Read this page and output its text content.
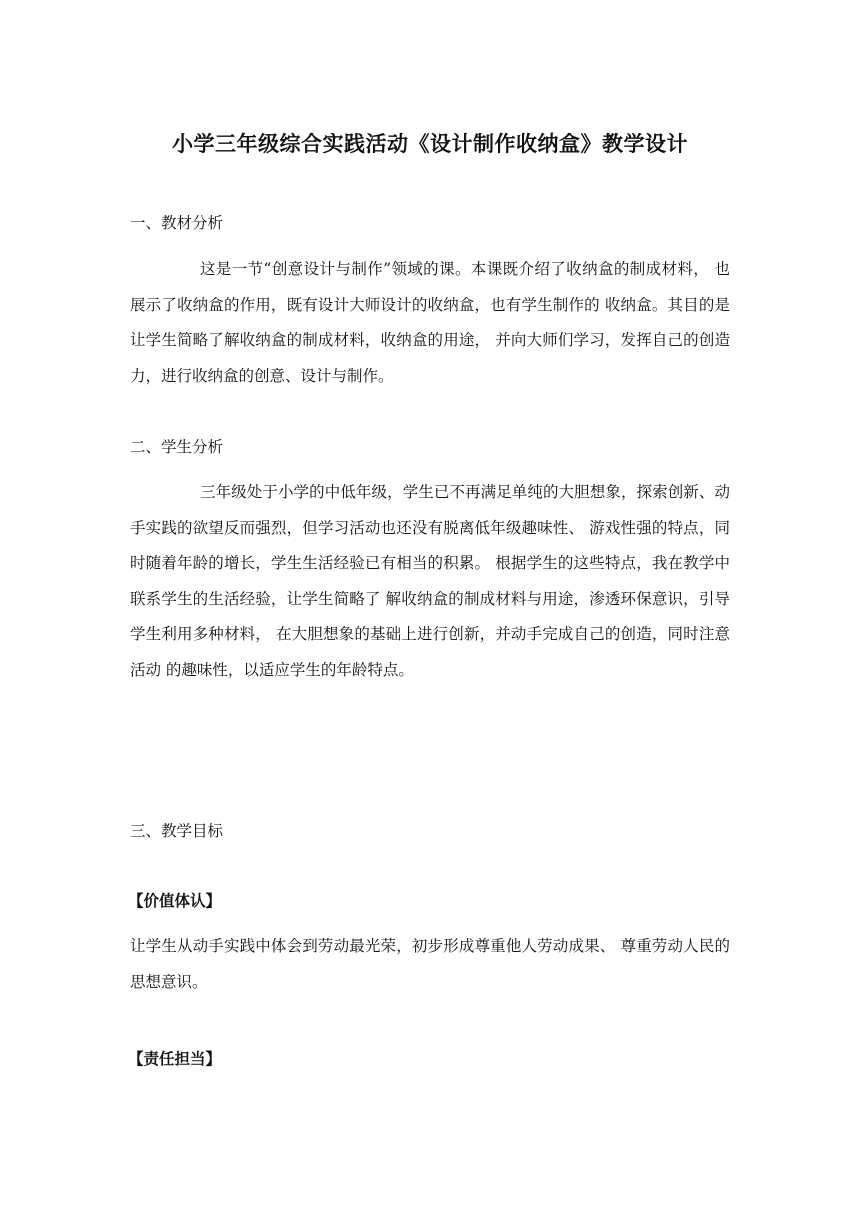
小学三年级综合实践活动《设计制作收纳盒》教学设计
一、教材分析
这是一节“创意设计与制作”领域的课。本课既介绍了收纳盒的制成材料， 也展示了收纳盒的作用，既有设计大师设计的收纳盒，也有学生制作的 收纳盒。其目的是让学生简略了解收纳盒的制成材料，收纳盒的用途， 并向大师们学习，发挥自己的创造力，进行收纳盒的创意、设计与制作。
二、学生分析
三年级处于小学的中低年级，学生已不再满足单纯的大胆想象，探索创新、动手实践的欲望反而强烈，但学习活动也还没有脱离低年级趣味性、 游戏性强的特点，同时随着年龄的增长，学生生活经验已有相当的积累。 根据学生的这些特点，我在教学中联系学生的生活经验，让学生简略了 解收纳盒的制成材料与用途，渗透环保意识，引导学生利用多种材料， 在大胆想象的基础上进行创新，并动手完成自己的创造，同时注意活动 的趣味性，以适应学生的年龄特点。
三、教学目标
【价值体认】
让学生从动手实践中体会到劳动最光荣，初步形成尊重他人劳动成果、 尊重劳动人民的思想意识。
【责任担当】
